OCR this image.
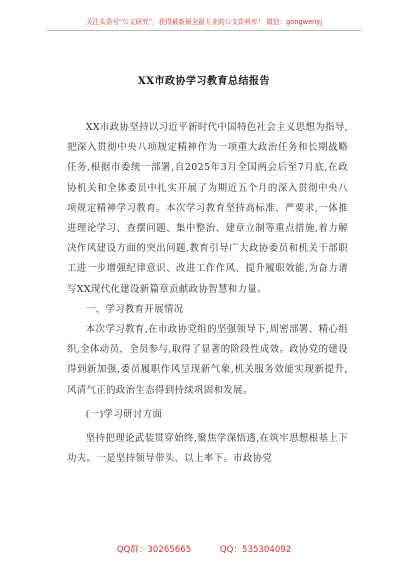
关注头条号“公文研究”，获得最新最全最专业的公文资料库！ 微信：gongwenyj
XX市政协学习教育总结报告

XX市政协坚持以习近平新时代中国特色社会主义思想为指导,把深入贯彻中央八项规定精神作为一项重大政治任务和长期战略任务,根据市委统一部署,自2025年3月全国两会后至7月底,在政协机关和全体委员中扎实开展了为期近五个月的深入贯彻中央八项规定精神学习教育。本次学习教育坚持高标准、严要求,一体推进理论学习、查摆问题、集中整治、建章立制等重点措施,着力解决作风建设方面的突出问题,教育引导广大政协委员和机关干部职工进一步增强纪律意识、改进工作作风、提升履职效能,为奋力谱写XX现代化建设新篇章贡献政协智慧和力量。

一、学习教育开展情况

本次学习教育,在市政协党组的坚强领导下,周密部署、精心组织,全体动员、全员参与,取得了显著的阶段性成效。政协党的建设得到新加强,委员履职作风呈现新气象,机关服务效能实现新提升,风清气正的政治生态得到持续巩固和发展。

(一)学习研讨方面

坚持把理论武装贯穿始终,聚焦学深悟透,在筑牢思想根基上下功夫。一是坚持领导带头、以上率下。市政协党

QQ群：30265665	QQ：535304092
